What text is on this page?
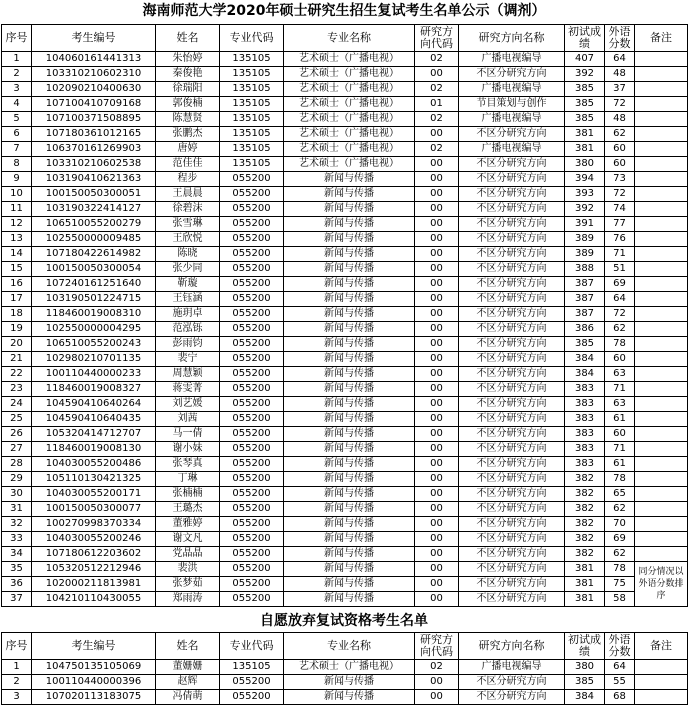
海南师范大学2020年硕士研究生招生复试考生名单公示（调剂）
序号	考生编号	姓名	专业代码	专业名称	研究方向代码	研究方向名称	初试成绩	外语分数	备注
1	104060161441313	朱怡婷	135105	艺术硕士（广播电视）	02	广播电视编导	407	64	
2	103310210602310	秦俊艳	135105	艺术硕士（广播电视）	00	不区分研究方向	392	48	
3	102090210400630	徐瑞阳	135105	艺术硕士（广播电视）	02	广播电视编导	385	37	
4	107100410709168	郭俊楠	135105	艺术硕士（广播电视）	01	节目策划与创作	385	72	
5	107100371508895	陈慧贤	135105	艺术硕士（广播电视）	02	广播电视编导	385	48	
6	107180361012165	张鹏杰	135105	艺术硕士（广播电视）	00	不区分研究方向	381	62	
7	106370161269903	唐婷	135105	艺术硕士（广播电视）	02	广播电视编导	381	60	
8	103310210602538	范佳佳	135105	艺术硕士（广播电视）	00	不区分研究方向	380	60	
9	103190410621363	程步	055200	新闻与传播	00	不区分研究方向	394	73	
10	100150050300051	王晨晨	055200	新闻与传播	00	不区分研究方向	393	72	
11	103190322414127	徐碧沫	055200	新闻与传播	00	不区分研究方向	392	74	
12	106510055200279	张雪琳	055200	新闻与传播	00	不区分研究方向	391	77	
13	102550000009485	王欣悦	055200	新闻与传播	00	不区分研究方向	389	76	
14	107180422614982	陈晓	055200	新闻与传播	00	不区分研究方向	389	71	
15	100150050300054	张少同	055200	新闻与传播	00	不区分研究方向	388	51	
16	107240161251640	靳璇	055200	新闻与传播	00	不区分研究方向	387	69	
17	103190501224715	王钰涵	055200	新闻与传播	00	不区分研究方向	387	64	
18	118460019008310	施玥卓	055200	新闻与传播	00	不区分研究方向	387	72	
19	102550000004295	范泓铄	055200	新闻与传播	00	不区分研究方向	386	62	
20	106510055200243	彭雨钧	055200	新闻与传播	00	不区分研究方向	385	78	
21	102980210701135	裴宁	055200	新闻与传播	00	不区分研究方向	384	60	
22	100110440000233	周慧颖	055200	新闻与传播	00	不区分研究方向	384	63	
23	118460019008327	蒋雯菁	055200	新闻与传播	00	不区分研究方向	383	71	
24	104590410640264	刘艺媛	055200	新闻与传播	00	不区分研究方向	383	63	
25	104590410640435	刘茜	055200	新闻与传播	00	不区分研究方向	383	61	
26	105320414712707	马一倩	055200	新闻与传播	00	不区分研究方向	383	60	
27	118460019008130	谢小妹	055200	新闻与传播	00	不区分研究方向	383	71	
28	104030055200486	张琴真	055200	新闻与传播	00	不区分研究方向	383	61	
29	105110130421325	丁琳	055200	新闻与传播	00	不区分研究方向	382	78	
30	104030055200171	张楠楠	055200	新闻与传播	00	不区分研究方向	382	65	
31	100150050300077	王璐杰	055200	新闻与传播	00	不区分研究方向	382	62	
32	100270998370334	董雅婷	055200	新闻与传播	00	不区分研究方向	382	70	
33	104030055200246	谢文凡	055200	新闻与传播	00	不区分研究方向	382	69	
34	107180612203602	党晶晶	055200	新闻与传播	00	不区分研究方向	382	62	
35	105320512212946	裴洪	055200	新闻与传播	00	不区分研究方向	381	78	同分情况以外语分数排序
36	102000211813981	张梦茹	055200	新闻与传播	00	不区分研究方向	381	75	
37	104210110430055	郑雨涛	055200	新闻与传播	00	不区分研究方向	381	58	
自愿放弃复试资格考生名单
序号	考生编号	姓名	专业代码	专业名称	研究方向代码	研究方向名称	初试成绩	外语分数	备注
1	104750135105069	董姗姗	135105	艺术硕士（广播电视）	02	广播电视编导	380	64	
2	100110440000396	赵辉	055200	新闻与传播	00	不区分研究方向	385	55	
3	107020113183075	冯倩萌	055200	新闻与传播	00	不区分研究方向	384	68	
